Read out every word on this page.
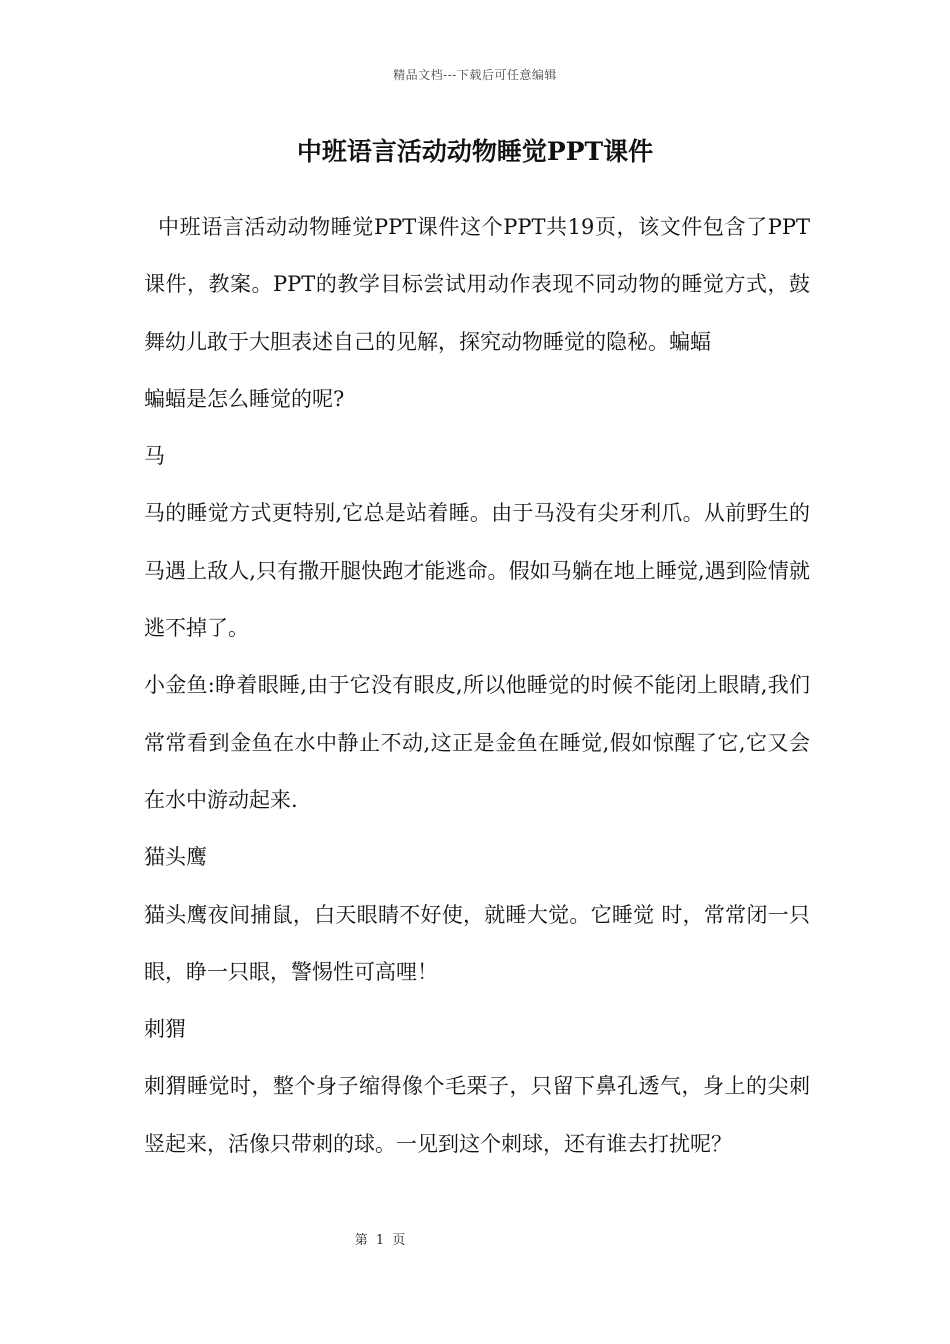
精品文档---下载后可任意编辑
中班语言活动动物睡觉PPT课件

中班语言活动动物睡觉PPT课件这个PPT共19页，该文件包含了PPT课件，教案。PPT的教学目标尝试用动作表现不同动物的睡觉方式，鼓舞幼儿敢于大胆表述自己的见解，探究动物睡觉的隐秘。蝙蝠

蝙蝠是怎么睡觉的呢?

马

马的睡觉方式更特别,它总是站着睡。由于马没有尖牙利爪。从前野生的马遇上敌人,只有撒开腿快跑才能逃命。假如马躺在地上睡觉,遇到险情就逃不掉了。

小金鱼:睁着眼睡,由于它没有眼皮,所以他睡觉的时候不能闭上眼睛,我们常常看到金鱼在水中静止不动,这正是金鱼在睡觉,假如惊醒了它,它又会在水中游动起来.

猫头鹰

猫头鹰夜间捕鼠，白天眼睛不好使，就睡大觉。它睡觉 时，常常闭一只眼，睁一只眼，警惕性可高哩！

刺猬

刺猬睡觉时，整个身子缩得像个毛栗子，只留下鼻孔透气，身上的尖刺竖起来，活像只带刺的球。一见到这个刺球，还有谁去打扰呢？

第 1 页
